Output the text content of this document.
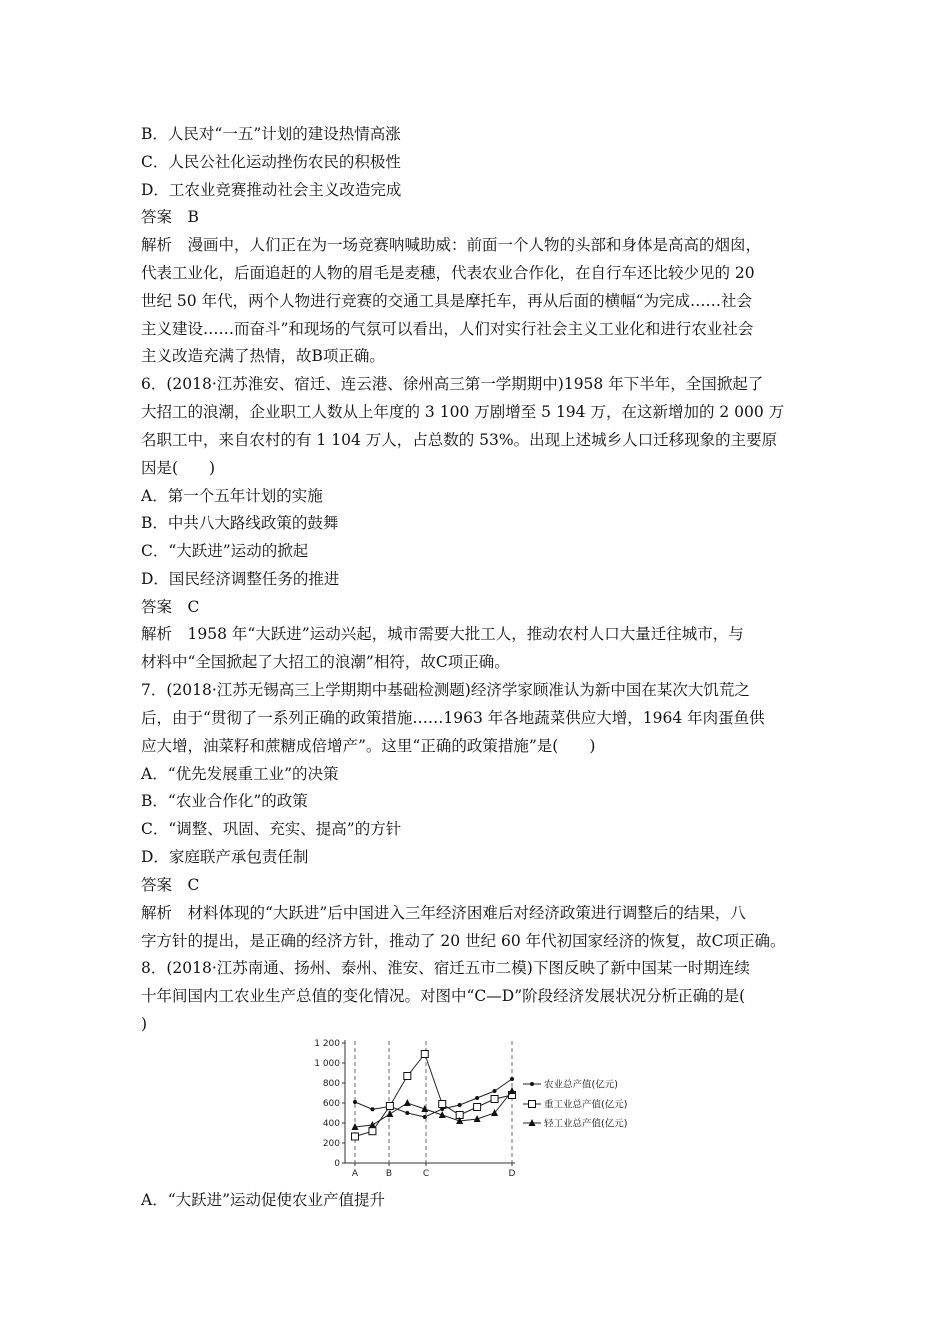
B．人民对“一五”计划的建设热情高涨
C．人民公社化运动挫伤农民的积极性
D．工农业竞赛推动社会主义改造完成
答案　B
解析　漫画中，人们正在为一场竞赛呐喊助威：前面一个人物的头部和身体是高高的烟囱，
代表工业化，后面追赶的人物的眉毛是麦穗，代表农业合作化，在自行车还比较少见的 20
世纪 50 年代，两个人物进行竞赛的交通工具是摩托车，再从后面的横幅“为完成……社会
主义建设……而奋斗”和现场的气氛可以看出，人们对实行社会主义工业化和进行农业社会
主义改造充满了热情，故B项正确。
6．(2018·江苏淮安、宿迁、连云港、徐州高三第一学期期中)1958 年下半年，全国掀起了
大招工的浪潮，企业职工人数从上年度的 3 100 万剧增至 5 194 万，在这新增加的 2 000 万
名职工中，来自农村的有 1 104 万人，占总数的 53%。出现上述城乡人口迁移现象的主要原
因是(　　)
A．第一个五年计划的实施
B．中共八大路线政策的鼓舞
C．“大跃进”运动的掀起
D．国民经济调整任务的推进
答案　C
解析　1958 年“大跃进”运动兴起，城市需要大批工人，推动农村人口大量迁往城市，与
材料中“全国掀起了大招工的浪潮”相符，故C项正确。
7．(2018·江苏无锡高三上学期期中基础检测题)经济学家顾准认为新中国在某次大饥荒之
后，由于“贯彻了一系列正确的政策措施……1963 年各地蔬菜供应大增，1964 年肉蛋鱼供
应大增，油菜籽和蔗糖成倍增产”。这里“正确的政策措施”是(　　)
A．“优先发展重工业”的决策
B．“农业合作化”的政策
C．“调整、巩固、充实、提高”的方针
D．家庭联产承包责任制
答案　C
解析　材料体现的“大跃进”后中国进入三年经济困难后对经济政策进行调整后的结果，八
字方针的提出，是正确的经济方针，推动了 20 世纪 60 年代初国家经济的恢复，故C项正确。
8．(2018·江苏南通、扬州、泰州、淮安、宿迁五市二模)下图反映了新中国某一时期连续
十年间国内工农业生产总值的变化情况。对图中“C—D”阶段经济发展状况分析正确的是(
)
A．“大跃进”运动促使农业产值提升
0
200
400
600
800
1 000
1 200
A	B	C	D
农业总产值(亿元)
重工业总产值(亿元)
轻工业总产值(亿元)
